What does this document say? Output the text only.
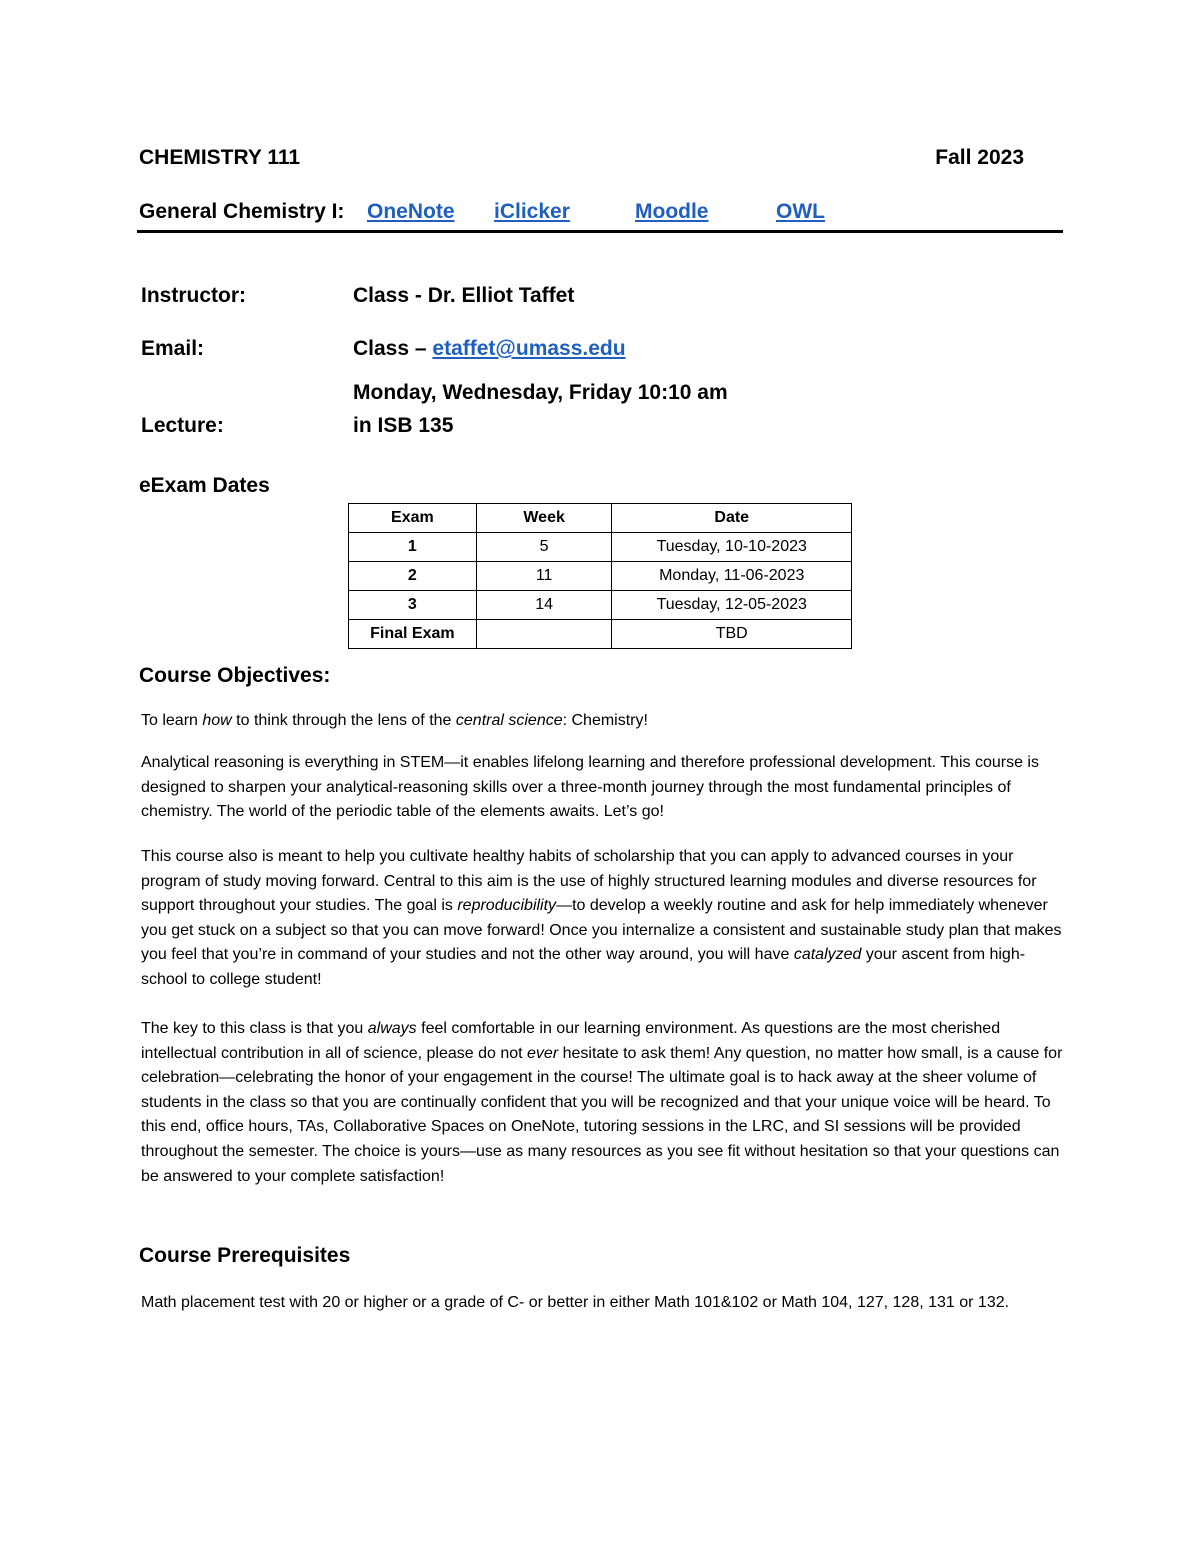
CHEMISTRY 111	Fall 2023
General Chemistry I: OneNote iClicker	Moodle	OWL
Instructor:	Class - Dr. Elliot Taffet
Email:	Class – etaffet@umass.edu
Monday, Wednesday, Friday 10:10 am
Lecture:	in ISB 135
eExam Dates
Exam	Week	Date
1	5	Tuesday, 10-10-2023
2	11	Monday, 11-06-2023
3	14	Tuesday, 12-05-2023
Final Exam		TBD
Course Objectives:
To learn how to think through the lens of the central science: Chemistry!
Analytical reasoning is everything in STEM—it enables lifelong learning and therefore professional development. This course is designed to sharpen your analytical-reasoning skills over a three-month journey through the most fundamental principles of chemistry. The world of the periodic table of the elements awaits. Let’s go!
This course also is meant to help you cultivate healthy habits of scholarship that you can apply to advanced courses in your program of study moving forward. Central to this aim is the use of highly structured learning modules and diverse resources for support throughout your studies. The goal is reproducibility—to develop a weekly routine and ask for help immediately whenever you get stuck on a subject so that you can move forward! Once you internalize a consistent and sustainable study plan that makes you feel that you’re in command of your studies and not the other way around, you will have catalyzed your ascent from high-school to college student!
The key to this class is that you always feel comfortable in our learning environment. As questions are the most cherished intellectual contribution in all of science, please do not ever hesitate to ask them! Any question, no matter how small, is a cause for celebration—celebrating the honor of your engagement in the course! The ultimate goal is to hack away at the sheer volume of students in the class so that you are continually confident that you will be recognized and that your unique voice will be heard. To this end, office hours, TAs, Collaborative Spaces on OneNote, tutoring sessions in the LRC, and SI sessions will be provided throughout the semester. The choice is yours—use as many resources as you see fit without hesitation so that your questions can be answered to your complete satisfaction!
Course Prerequisites
Math placement test with 20 or higher or a grade of C- or better in either Math 101&102 or Math 104, 127, 128, 131 or 132.
